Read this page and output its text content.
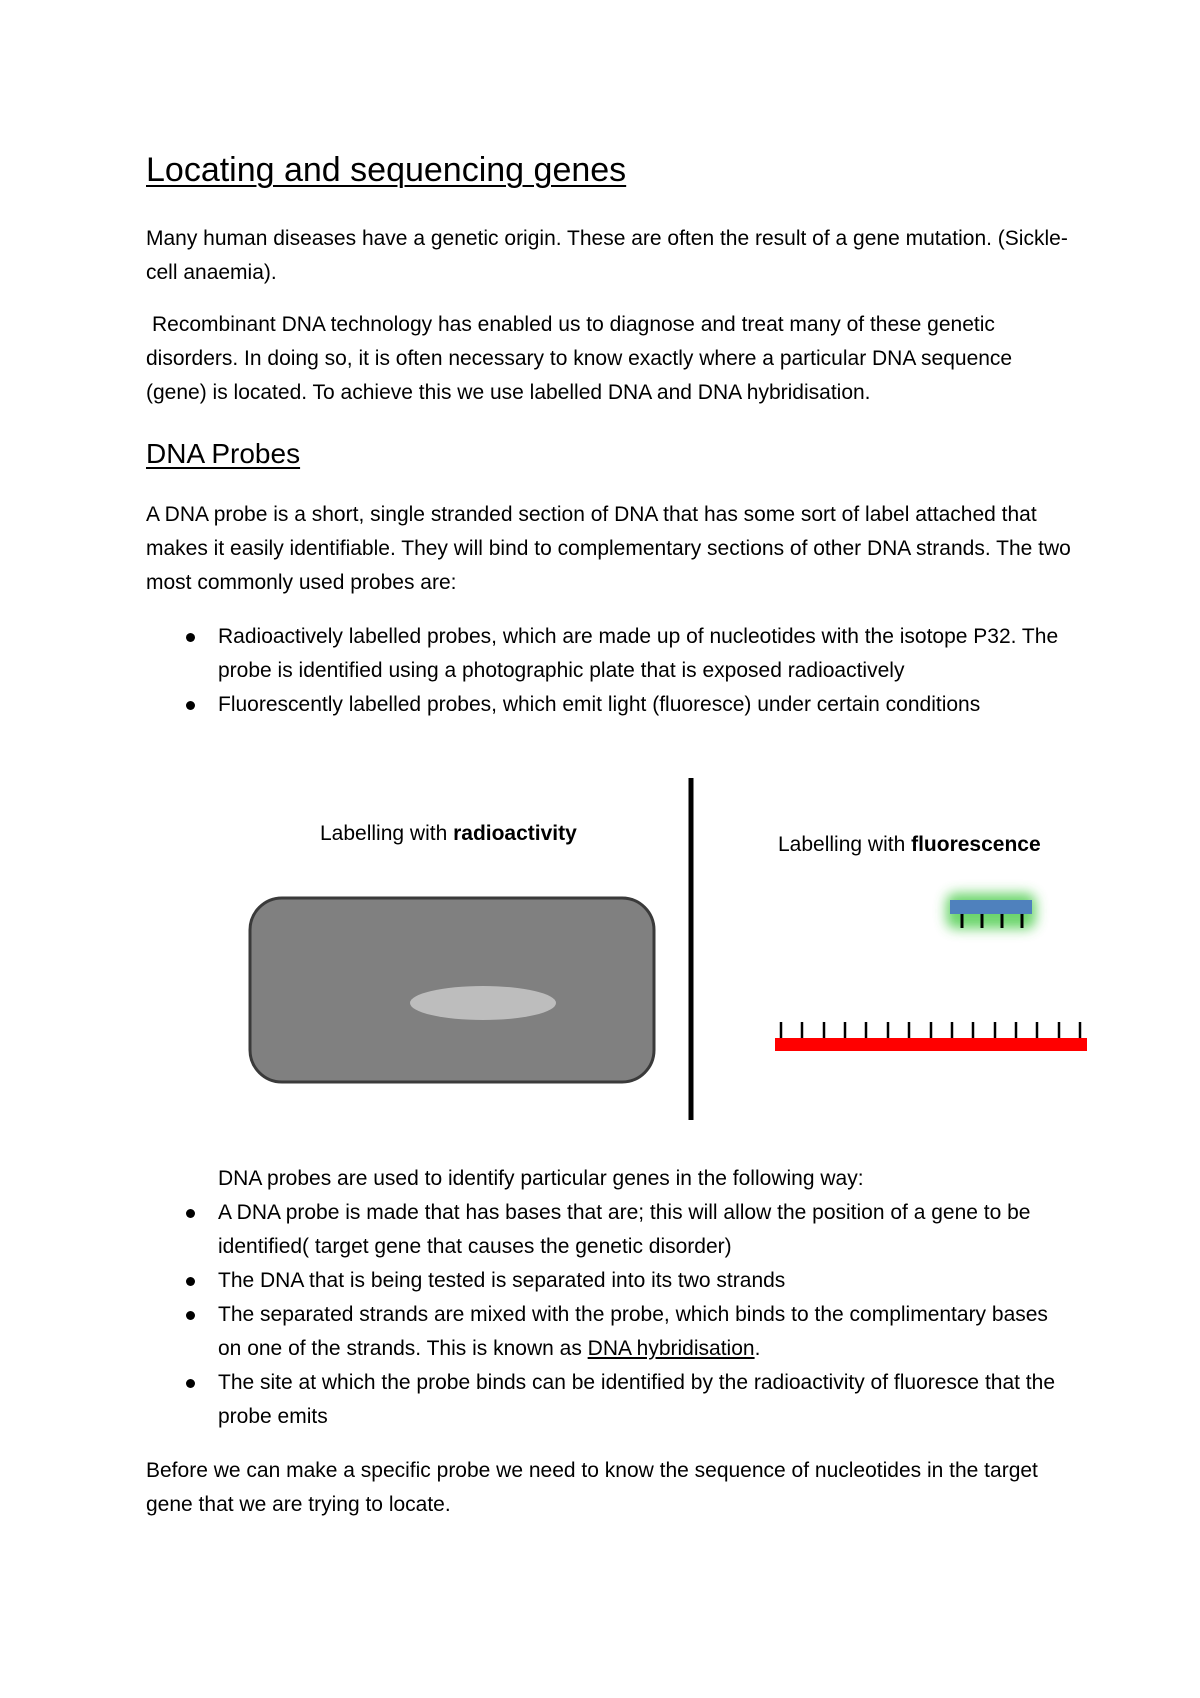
Locating and sequencing genes

Many human diseases have a genetic origin. These are often the result of a gene mutation. (Sickle-cell anaemia).

Recombinant DNA technology has enabled us to diagnose and treat many of these genetic disorders. In doing so, it is often necessary to know exactly where a particular DNA sequence (gene) is located. To achieve this we use labelled DNA and DNA hybridisation.

DNA Probes

A DNA probe is a short, single stranded section of DNA that has some sort of label attached that makes it easily identifiable. They will bind to complementary sections of other DNA strands. The two most commonly used probes are:

Radioactively labelled probes, which are made up of nucleotides with the isotope P32. The probe is identified using a photographic plate that is exposed radioactively
Fluorescently labelled probes, which emit light (fluoresce) under certain conditions
Labelling with radioactivity	Labelling with fluorescence

DNA probes are used to identify particular genes in the following way:

A DNA probe is made that has bases that are; this will allow the position of a gene to be identified( target gene that causes the genetic disorder)
The DNA that is being tested is separated into its two strands
The separated strands are mixed with the probe, which binds to the complimentary bases on one of the strands. This is known as DNA hybridisation.
The site at which the probe binds can be identified by the radioactivity of fluoresce that the probe emits

Before we can make a specific probe we need to know the sequence of nucleotides in the target gene that we are trying to locate.
